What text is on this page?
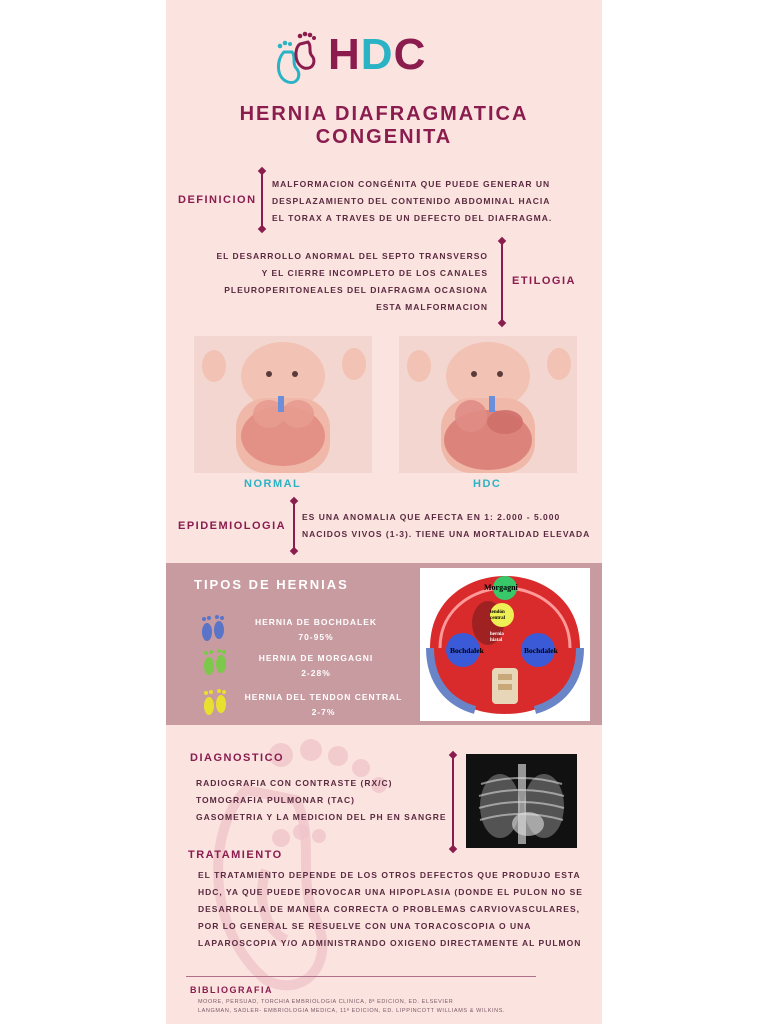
HDC
HERNIA DIAFRAGMATICA
CONGENITA
DEFINICION
MALFORMACION CONGÉNITA QUE PUEDE GENERAR UN
DESPLAZAMIENTO DEL CONTENIDO ABDOMINAL HACIA
EL TORAX A TRAVES DE UN DEFECTO DEL DIAFRAGMA.
EL DESARROLLO ANORMAL DEL SEPTO TRANSVERSO
Y EL CIERRE INCOMPLETO DE LOS CANALES
PLEUROPERITONEALES DEL DIAFRAGMA OCASIONA
ESTA MALFORMACION
ETILOGIA
NORMAL	HDC
EPIDEMIOLOGIA
ES UNA ANOMALIA QUE AFECTA EN 1: 2.000 - 5.000
NACIDOS VIVOS (1-3). TIENE UNA MORTALIDAD ELEVADA
TIPOS DE HERNIAS
HERNIA DE BOCHDALEK
70-95%
HERNIA DE MORGAGNI
2-28%
HERNIA DEL TENDON CENTRAL
2-7%
Morgagni
tendón central
hernia hiatal
Bochdalek	Bochdalek
DIAGNOSTICO
RADIOGRAFIA CON CONTRASTE (RX/C)
TOMOGRAFIA PULMONAR (TAC)
GASOMETRIA Y LA MEDICION DEL PH EN SANGRE
TRATAMIENTO
EL TRATAMIENTO DEPENDE DE LOS OTROS DEFECTOS QUE PRODUJO ESTA
HDC, YA QUE PUEDE PROVOCAR UNA HIPOPLASIA (DONDE EL PULON NO SE
DESARROLLA DE MANERA CORRECTA O PROBLEMAS CARVIOVASCULARES,
POR LO GENERAL SE RESUELVE CON UNA TORACOSCOPIA O UNA
LAPAROSCOPIA Y/O ADMINISTRANDO OXIGENO DIRECTAMENTE AL PULMON
BIBLIOGRAFIA
MOORE, PERSUAD, TORCHIA EMBRIOLOGIA CLINICA, 8ª EDICION, ED. ELSEVIER
LANGMAN, SADLER- EMBRIOLOGIA MEDICA, 11ª EDICION, ED. LIPPINCOTT WILLIAMS & WILKINS.
